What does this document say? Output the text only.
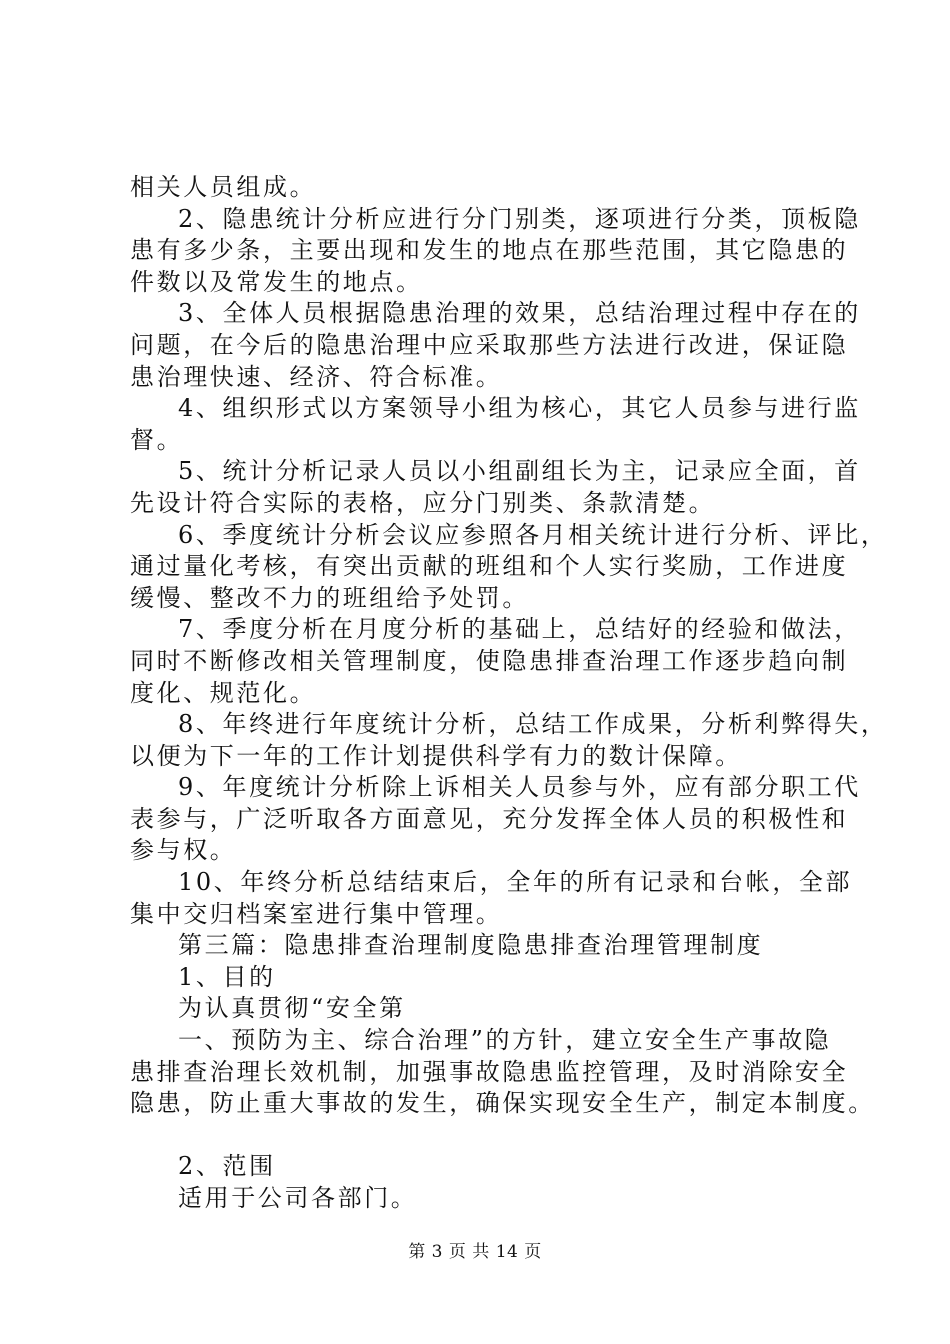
相关人员组成。
2、隐患统计分析应进行分门别类，逐项进行分类，顶板隐
患有多少条，主要出现和发生的地点在那些范围，其它隐患的
件数以及常发生的地点。
3、全体人员根据隐患治理的效果，总结治理过程中存在的
问题，在今后的隐患治理中应采取那些方法进行改进，保证隐
患治理快速、经济、符合标准。
4、组织形式以方案领导小组为核心，其它人员参与进行监
督。
5、统计分析记录人员以小组副组长为主，记录应全面，首
先设计符合实际的表格，应分门别类、条款清楚。
6、季度统计分析会议应参照各月相关统计进行分析、评比，
通过量化考核，有突出贡献的班组和个人实行奖励，工作进度
缓慢、整改不力的班组给予处罚。
7、季度分析在月度分析的基础上，总结好的经验和做法，
同时不断修改相关管理制度，使隐患排查治理工作逐步趋向制
度化、规范化。
8、年终进行年度统计分析，总结工作成果，分析利弊得失，
以便为下一年的工作计划提供科学有力的数计保障。
9、年度统计分析除上诉相关人员参与外，应有部分职工代
表参与，广泛听取各方面意见，充分发挥全体人员的积极性和
参与权。
10、年终分析总结结束后，全年的所有记录和台帐，全部
集中交归档案室进行集中管理。
第三篇：隐患排查治理制度隐患排查治理管理制度
1、目的
为认真贯彻“安全第
一、预防为主、综合治理”的方针，建立安全生产事故隐
患排查治理长效机制，加强事故隐患监控管理，及时消除安全
隐患，防止重大事故的发生，确保实现安全生产，制定本制度。
2、范围
适用于公司各部门。
第 3 页 共 14 页
